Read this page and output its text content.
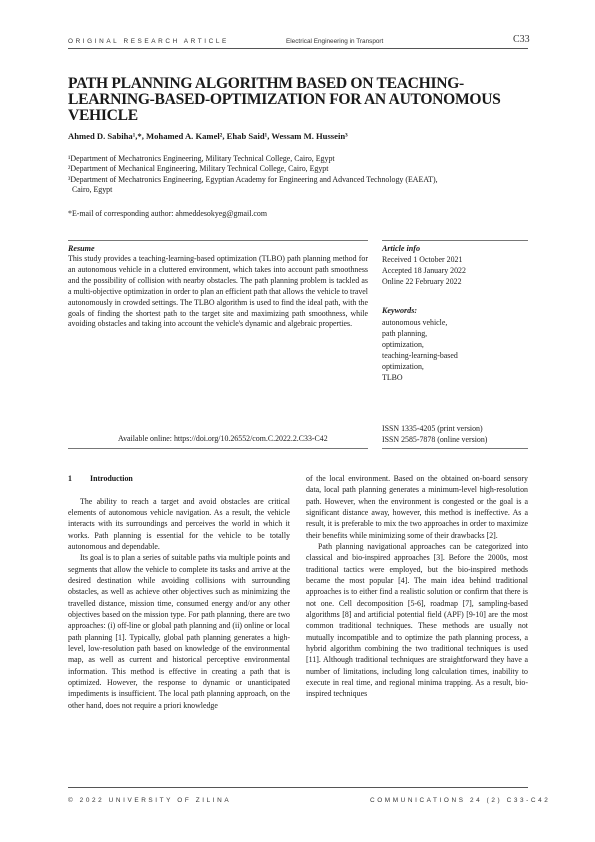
ORIGINAL RESEARCH ARTICLE	Electrical Engineering in Transport	C33
PATH PLANNING ALGORITHM BASED ON TEACHING-LEARNING-BASED-OPTIMIZATION FOR AN AUTONOMOUS VEHICLE
Ahmed D. Sabiha¹,*, Mohamed A. Kamel², Ehab Said¹, Wessam M. Hussein³
¹Department of Mechatronics Engineering, Military Technical College, Cairo, Egypt
²Department of Mechanical Engineering, Military Technical College, Cairo, Egypt
³Department of Mechatronics Engineering, Egyptian Academy for Engineering and Advanced Technology (EAEAT),
Cairo, Egypt
*E-mail of corresponding author: ahmeddesokyeg@gmail.com
Resume
This study provides a teaching-learning-based optimization (TLBO) path planning method for an autonomous vehicle in a cluttered environment, which takes into account path smoothness and the possibility of collision with nearby obstacles. The path planning problem is tackled as a multi-objective optimization in order to plan an efficient path that allows the vehicle to travel autonomously in crowded settings. The TLBO algorithm is used to find the ideal path, with the goals of finding the shortest path to the target site and maximizing path smoothness, while avoiding obstacles and taking into account the vehicle's dynamic and algebraic properties.
Article info
Received 1 October 2021
Accepted 18 January 2022
Online 22 February 2022
Keywords:
autonomous vehicle,
path planning,
optimization,
teaching-learning-based
optimization,
TLBO
Available online: https://doi.org/10.26552/com.C.2022.2.C33-C42
ISSN 1335-4205 (print version)
ISSN 2585-7878 (online version)

1 Introduction

The ability to reach a target and avoid obstacles are critical elements of autonomous vehicle navigation. As a result, the vehicle interacts with its surroundings and perceives the world in which it works. Path planning is essential for the vehicle to be totally autonomous and dependable.

Its goal is to plan a series of suitable paths via multiple points and segments that allow the vehicle to complete its tasks and arrive at the desired destination while avoiding collisions with surrounding obstacles, as well as achieve other objectives such as minimizing the travelled distance, mission time, consumed energy and/or any other objectives based on the mission type. For path planning, there are two approaches: (i) off-line or global path planning and (ii) online or local path planning [1]. Typically, global path planning generates a high-level, low-resolution path based on knowledge of the environmental map, as well as current and historical perceptive environmental information. This method is effective in creating a path that is optimized. However, the response to dynamic or unanticipated impediments is insufficient. The local path planning approach, on the other hand, does not require a priori knowledge

of the local environment. Based on the obtained on-board sensory data, local path planning generates a minimum-level high-resolution path. However, when the environment is congested or the goal is a significant distance away, however, this method is ineffective. As a result, it is preferable to mix the two approaches in order to maximize their benefits while minimizing some of their drawbacks [2].

Path planning navigational approaches can be categorized into classical and bio-inspired approaches [3]. Before the 2000s, most traditional tactics were employed, but the bio-inspired methods became the most popular [4]. The main idea behind traditional approaches is to either find a realistic solution or confirm that there is not one. Cell decomposition [5-6], roadmap [7], sampling-based algorithms [8] and artificial potential field (APF) [9-10] are the most common traditional techniques. These methods are usually not mutually incompatible and to optimize the path planning process, a hybrid algorithm combining the two traditional techniques is used [11]. Although traditional techniques are straightforward they have a number of limitations, including long calculation times, inability to execute in real time, and regional minima trapping. As a result, bio-inspired techniques

© 2022 UNIVERSITY OF ZILINA	COMMUNICATIONS 24 (2) C33-C42
